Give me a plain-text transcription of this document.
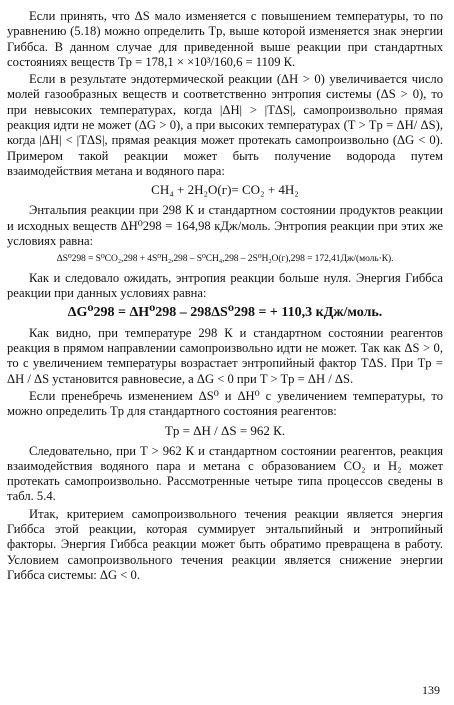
Если принять, что ΔS мало изменяется с повышением температуры, то по уравнению (5.18) можно определить Tр, выше которой изменяется знак энергии Гиббса. В данном случае для приведенной выше реакции при стандартных состояниях веществ Tр = 178,1 × ×10³/160,6 = 1109 К.

Если в результате эндотермической реакции (ΔH > 0) увеличивается число молей газообразных веществ и соответственно энтропия системы (ΔS > 0), то при невысоких температурах, когда |ΔH| > |TΔS|, самопроизвольно прямая реакция идти не может (ΔG > 0), а при высоких температурах (T > Tр = ΔH/ ΔS), когда |ΔH| < |TΔS|, прямая реакция может протекать самопроизвольно (ΔG < 0). Примером такой реакции может быть получение водорода путем взаимодействия метана и водяного пара:

CH₄ + 2H₂O(г)= CO₂ + 4H₂

Энтальпия реакции при 298 К и стандартном состоянии продуктов реакции и исходных веществ ΔH⁰298 = 164,98 кДж/моль. Энтропия реакции при этих же условиях равна:

ΔS⁰298 = S⁰CO₂,298 + 4S⁰H₂,298 – S⁰CH₄,298 – 2S⁰H₂O(г),298 = 172,41Дж/(моль·К).

Как и следовало ожидать, энтропия реакции больше нуля. Энергия Гиббса реакции при данных условиях равна:

ΔG⁰298 = ΔH⁰298 – 298ΔS⁰298 = + 110,3 кДж/моль.

Как видно, при температуре 298 К и стандартном состоянии реагентов реакция в прямом направлении самопроизвольно идти не может. Так как ΔS > 0, то с увеличением температуры возрастает энтропийный фактор TΔS. При Tр = ΔH / ΔS установится равновесие, а ΔG < 0 при T > Tр = ΔH / ΔS.

Если пренебречь изменением ΔS⁰ и ΔH⁰ с увеличением температуры, то можно определить Tр для стандартного состояния реагентов:

Tр = ΔH / ΔS = 962 К.

Следовательно, при T > 962 К и стандартном состоянии реагентов, реакция взаимодействия водяного пара и метана с образованием CO₂ и H₂ может протекать самопроизвольно. Рассмотренные четыре типа процессов сведены в табл. 5.4.

Итак, критерием самопроизвольного течения реакции является энергия Гиббса этой реакции, которая суммирует энтальпийный и энтропийный факторы. Энергия Гиббса реакции может быть обратимо превращена в работу. Условием самопроизвольного течения реакции является снижение энергии Гиббса системы: ΔG < 0.

139
